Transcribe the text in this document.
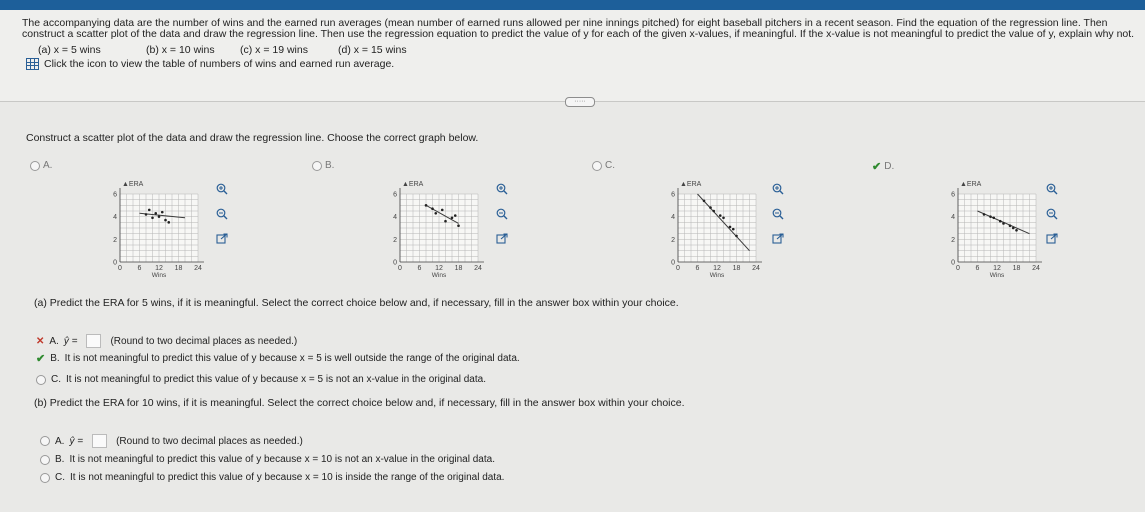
The accompanying data are the number of wins and the earned run averages (mean number of earned runs allowed per nine innings pitched) for eight baseball pitchers in a recent season. Find the equation of the regression line. Then construct a scatter plot of the data and draw the regression line. Then use the regression equation to predict the value of y for each of the given x-values, if meaningful. If the x-value is not meaningful to predict the value of y, explain why not.
(a) x = 5 wins	(b) x = 10 wins (c) x = 19 wins	(d) x = 15 wins
Click the icon to view the table of numbers of wins and earned run average.
·····
Construct a scatter plot of the data and draw the regression line. Choose the correct graph below.
A.	B.	C.	✔ D.
▲ERA
6
4
2
0
0 6 12 18 24
Wins
▲ERA
6
4
2
0
0 6 12 18 24
Wins
▲ERA
6
4
2
0
0 6 12 18 24
Wins
▲ERA
6
4
2
0
0 6 12 18 24
Wins
(a) Predict the ERA for 5 wins, if it is meaningful. Select the correct choice below and, if necessary, fill in the answer box within your choice.
✕ A. ŷ =	(Round to two decimal places as needed.)
✔ B. It is not meaningful to predict this value of y because x = 5 is well outside the range of the original data.
C. It is not meaningful to predict this value of y because x = 5 is not an x-value in the original data.
(b) Predict the ERA for 10 wins, if it is meaningful. Select the correct choice below and, if necessary, fill in the answer box within your choice.
A. ŷ =	(Round to two decimal places as needed.)
B. It is not meaningful to predict this value of y because x = 10 is not an x-value in the original data.
C. It is not meaningful to predict this value of y because x = 10 is inside the range of the original data.
